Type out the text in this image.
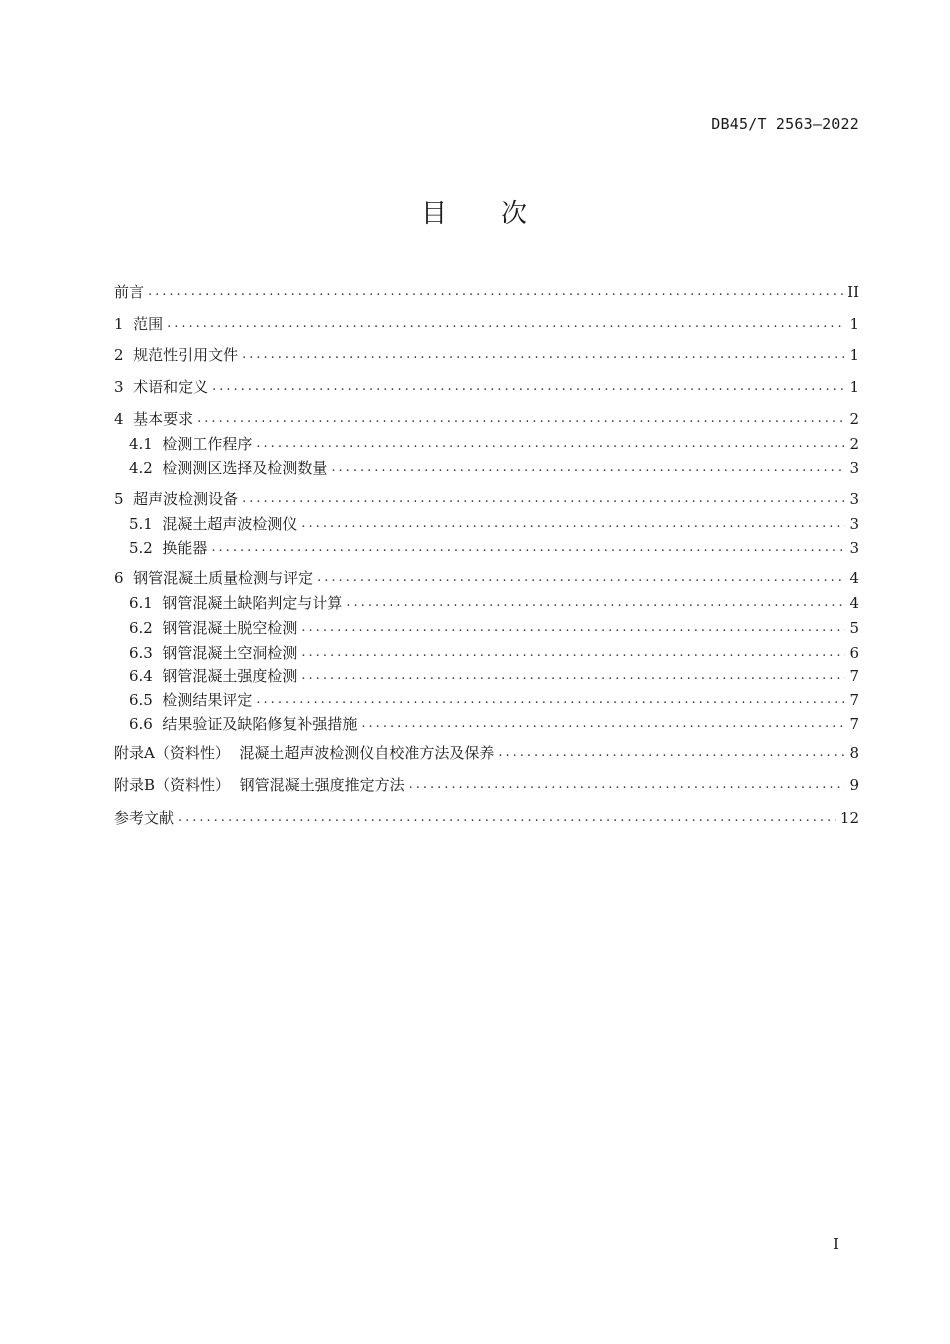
DB45/T 2563—2022
目 次
前言 .....	II
1 范围 .....	1
2 规范性引用文件 .....	1
3 术语和定义 .....	1
4 基本要求 .....	2
4.1 检测工作程序 .....	2
4.2 检测测区选择及检测数量 .....	3
5 超声波检测设备 .....	3
5.1 混凝土超声波检测仪 .....	3
5.2 换能器 .....	3
6 钢管混凝土质量检测与评定 .....	4
6.1 钢管混凝土缺陷判定与计算 .....	4
6.2 钢管混凝土脱空检测 .....	5
6.3 钢管混凝土空洞检测 .....	6
6.4 钢管混凝土强度检测 .....	7
6.5 检测结果评定 .....	7
6.6 结果验证及缺陷修复补强措施 .....	7
附录A（资料性） 混凝土超声波检测仪自校准方法及保养 .....	8
附录B（资料性） 钢管混凝土强度推定方法 .....	9
参考文献 .....	12
I
